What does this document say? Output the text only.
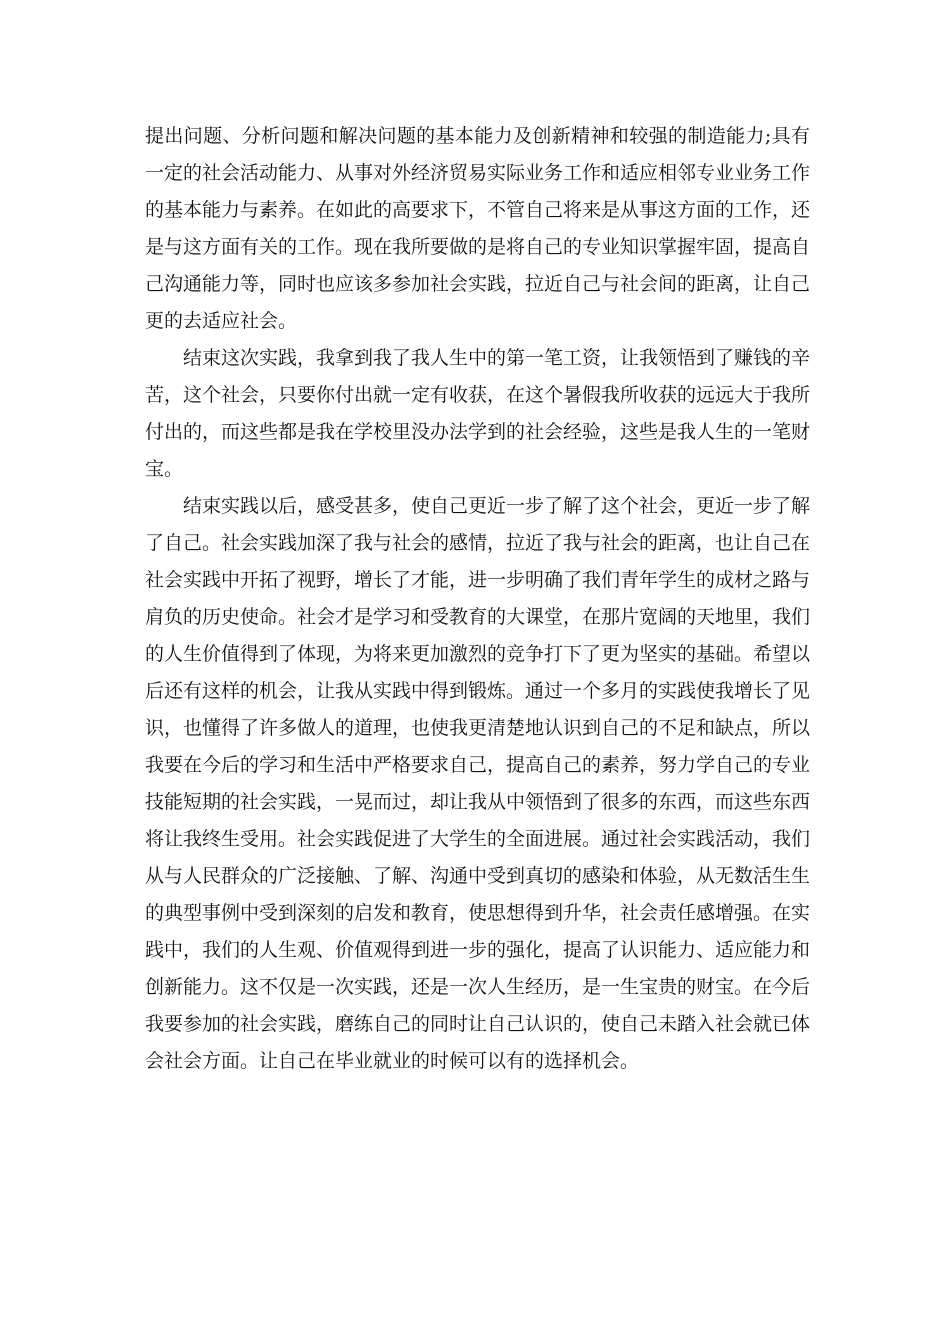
提出问题、分析问题和解决问题的基本能力及创新精神和较强的制造能力;具有一定的社会活动能力、从事对外经济贸易实际业务工作和适应相邻专业业务工作的基本能力与素养。在如此的高要求下，不管自己将来是从事这方面的工作，还是与这方面有关的工作。现在我所要做的是将自己的专业知识掌握牢固，提高自己沟通能力等，同时也应该多参加社会实践，拉近自己与社会间的距离，让自己更的去适应社会。

结束这次实践，我拿到我了我人生中的第一笔工资，让我领悟到了赚钱的辛苦，这个社会，只要你付出就一定有收获，在这个暑假我所收获的远远大于我所付出的，而这些都是我在学校里没办法学到的社会经验，这些是我人生的一笔财宝。

结束实践以后，感受甚多，使自己更近一步了解了这个社会，更近一步了解了自己。社会实践加深了我与社会的感情，拉近了我与社会的距离，也让自己在社会实践中开拓了视野，增长了才能，进一步明确了我们青年学生的成材之路与肩负的历史使命。社会才是学习和受教育的大课堂，在那片宽阔的天地里，我们的人生价值得到了体现，为将来更加激烈的竞争打下了更为坚实的基础。希望以后还有这样的机会，让我从实践中得到锻炼。通过一个多月的实践使我增长了见识，也懂得了许多做人的道理，也使我更清楚地认识到自己的不足和缺点，所以我要在今后的学习和生活中严格要求自己，提高自己的素养，努力学自己的专业技能短期的社会实践，一晃而过，却让我从中领悟到了很多的东西，而这些东西将让我终生受用。社会实践促进了大学生的全面进展。通过社会实践活动，我们从与人民群众的广泛接触、了解、沟通中受到真切的感染和体验，从无数活生生的典型事例中受到深刻的启发和教育，使思想得到升华，社会责任感增强。在实践中，我们的人生观、价值观得到进一步的强化，提高了认识能力、适应能力和创新能力。这不仅是一次实践，还是一次人生经历，是一生宝贵的财宝。在今后我要参加的社会实践，磨练自己的同时让自己认识的，使自己未踏入社会就已体会社会方面。让自己在毕业就业的时候可以有的选择机会。
